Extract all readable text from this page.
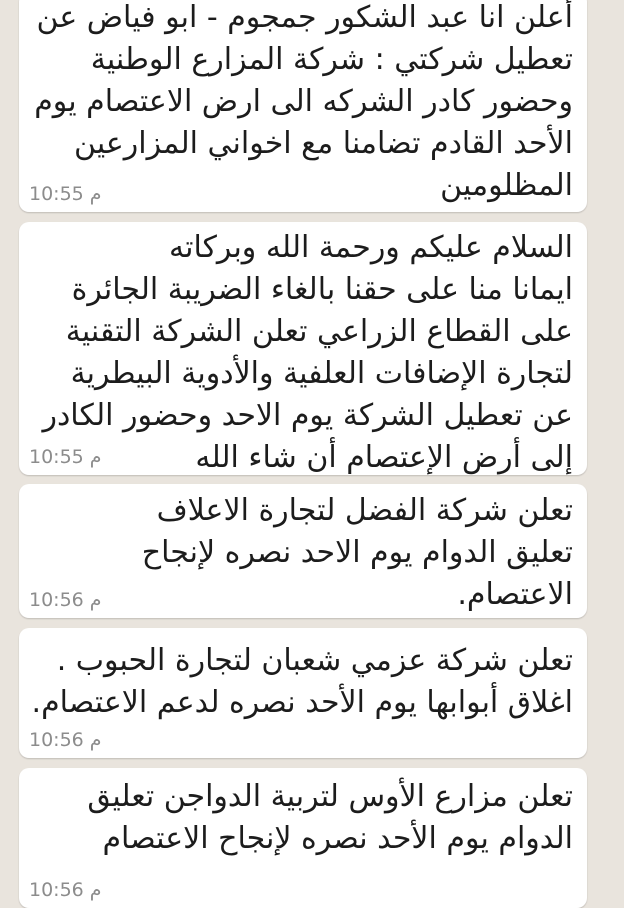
أعلن انا عبد الشكور جمجوم - ابو فياض عن
تعطيل شركتي : شركة المزارع الوطنية
وحضور كادر الشركه الى ارض الاعتصام يوم
الأحد القادم تضامنا مع اخواني المزارعين
المظلومين
10:55 م
السلام عليكم ورحمة الله وبركاته
ايمانا منا على حقنا بالغاء الضريبة الجائرة
على القطاع الزراعي تعلن الشركة التقنية
لتجارة الإضافات العلفية والأدوية البيطرية
عن تعطيل الشركة يوم الاحد وحضور الكادر
إلى أرض الإعتصام أن شاء الله
10:55 م
تعلن شركة الفضل لتجارة الاعلاف
تعليق الدوام يوم الاحد نصره لإنجاح
الاعتصام.
10:56 م
تعلن شركة عزمي شعبان لتجارة الحبوب .
اغلاق أبوابها يوم الأحد نصره لدعم الاعتصام.
10:56 م
تعلن مزارع الأوس لتربية الدواجن تعليق
الدوام يوم الأحد نصره لإنجاح الاعتصام
10:56 م
